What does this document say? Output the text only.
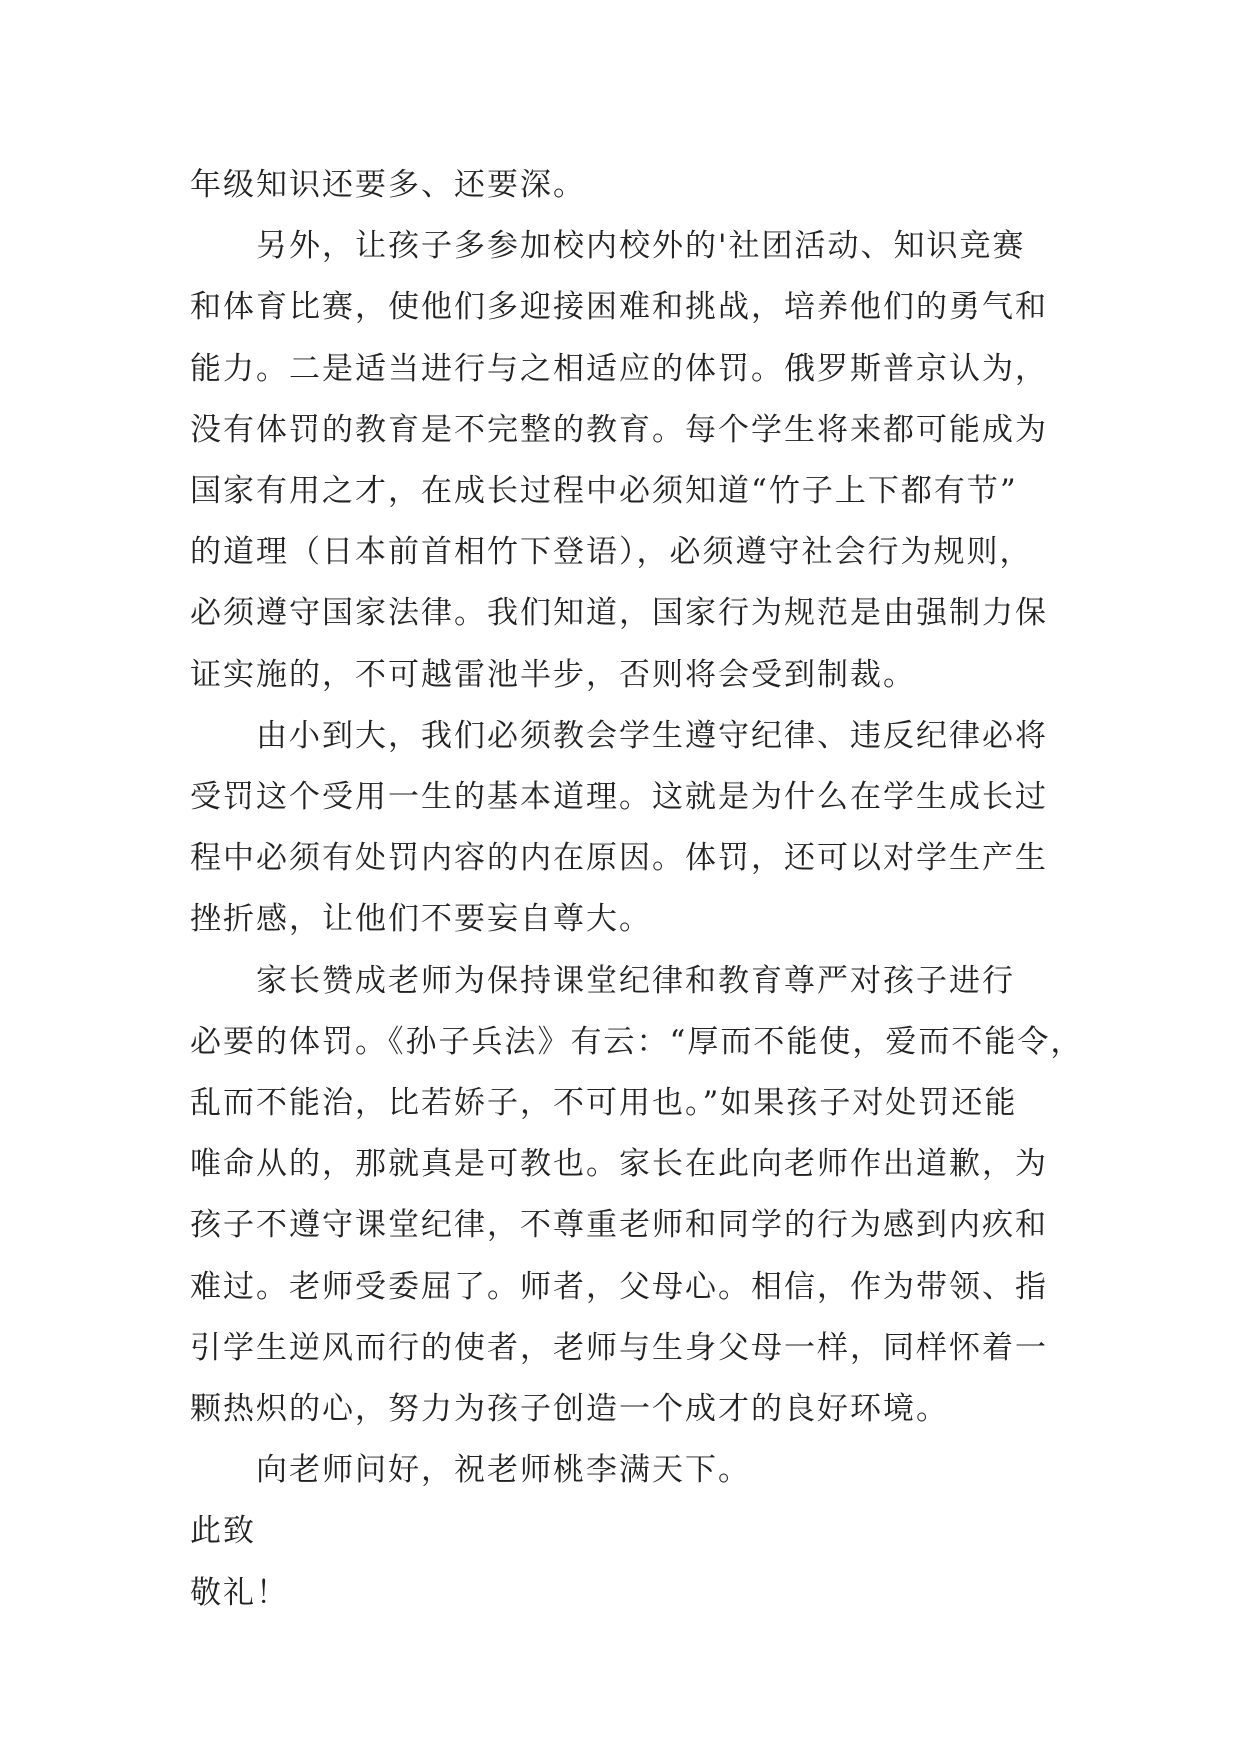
年级知识还要多、还要深。

另外，让孩子多参加校内校外的'社团活动、知识竞赛
和体育比赛，使他们多迎接困难和挑战，培养他们的勇气和
能力。二是适当进行与之相适应的体罚。俄罗斯普京认为，
没有体罚的教育是不完整的教育。每个学生将来都可能成为
国家有用之才，在成长过程中必须知道“竹子上下都有节”
的道理（日本前首相竹下登语），必须遵守社会行为规则，
必须遵守国家法律。我们知道，国家行为规范是由强制力保
证实施的，不可越雷池半步，否则将会受到制裁。

由小到大，我们必须教会学生遵守纪律、违反纪律必将
受罚这个受用一生的基本道理。这就是为什么在学生成长过
程中必须有处罚内容的内在原因。体罚，还可以对学生产生
挫折感，让他们不要妄自尊大。

家长赞成老师为保持课堂纪律和教育尊严对孩子进行
必要的体罚。《孙子兵法》有云：“厚而不能使，爱而不能令，
乱而不能治，比若娇子，不可用也。”如果孩子对处罚还能
唯命从的，那就真是可教也。家长在此向老师作出道歉，为
孩子不遵守课堂纪律，不尊重老师和同学的行为感到内疚和
难过。老师受委屈了。师者，父母心。相信，作为带领、指
引学生逆风而行的使者，老师与生身父母一样，同样怀着一
颗热炽的心，努力为孩子创造一个成才的良好环境。

向老师问好，祝老师桃李满天下。

此致

敬礼！
